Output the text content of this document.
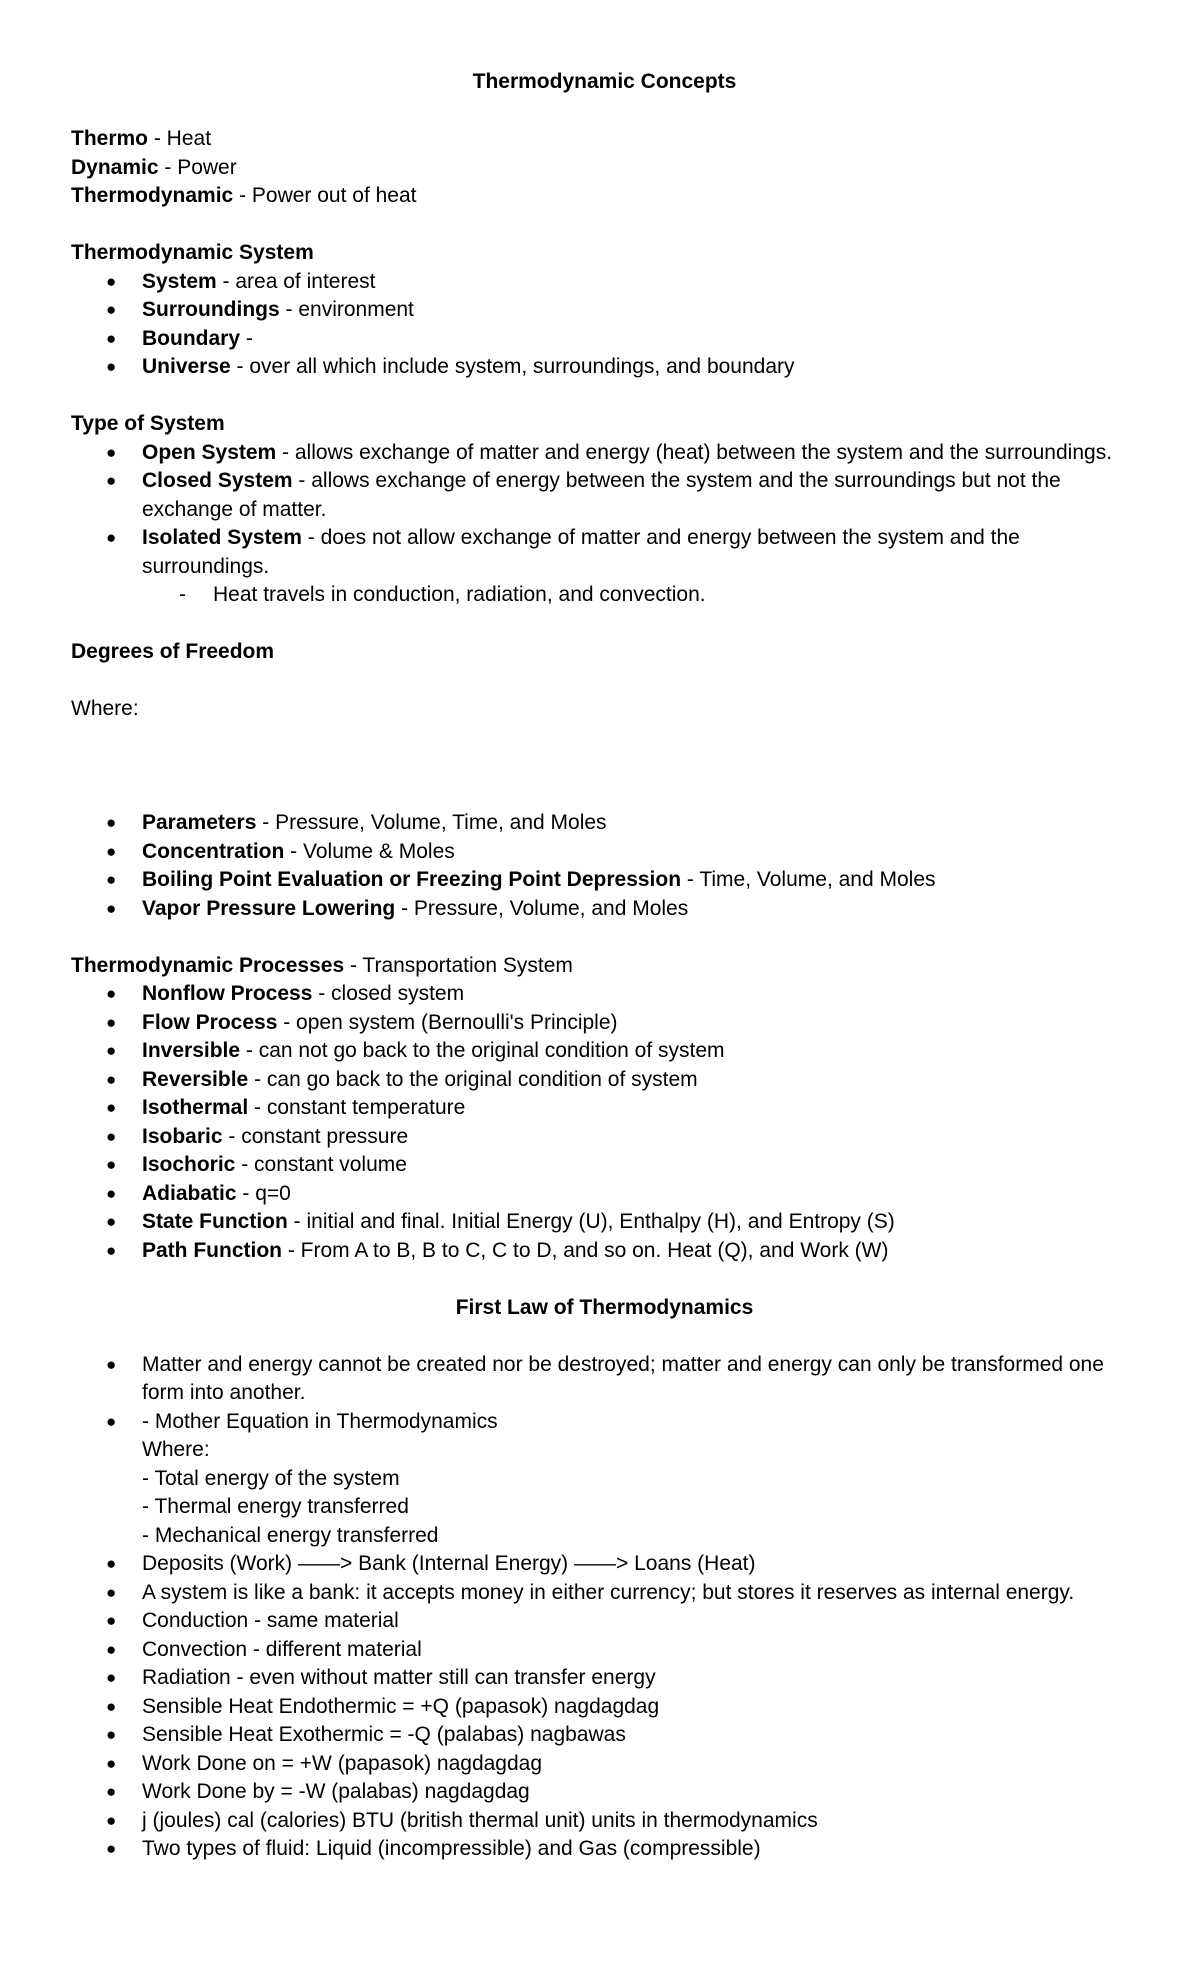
Thermodynamic Concepts
Thermo - Heat
Dynamic - Power
Thermodynamic - Power out of heat
Thermodynamic System
● System - area of interest
● Surroundings - environment
● Boundary -
● Universe - over all which include system, surroundings, and boundary
Type of System
● Open System - allows exchange of matter and energy (heat) between the system and the surroundings.
● Closed System - allows exchange of energy between the system and the surroundings but not the exchange of matter.
● Isolated System - does not allow exchange of matter and energy between the system and the surroundings.
- Heat travels in conduction, radiation, and convection.
Degrees of Freedom
Where:
● Parameters - Pressure, Volume, Time, and Moles
● Concentration - Volume & Moles
● Boiling Point Evaluation or Freezing Point Depression - Time, Volume, and Moles
● Vapor Pressure Lowering - Pressure, Volume, and Moles
Thermodynamic Processes - Transportation System
● Nonflow Process - closed system
● Flow Process - open system (Bernoulli's Principle)
● Inversible - can not go back to the original condition of system
● Reversible - can go back to the original condition of system
● Isothermal - constant temperature
● Isobaric - constant pressure
● Isochoric - constant volume
● Adiabatic - q=0
● State Function - initial and final. Initial Energy (U), Enthalpy (H), and Entropy (S)
● Path Function - From A to B, B to C, C to D, and so on. Heat (Q), and Work (W)
First Law of Thermodynamics
● Matter and energy cannot be created nor be destroyed; matter and energy can only be transformed one form into another.
● - Mother Equation in Thermodynamics
Where:
- Total energy of the system
- Thermal energy transferred
- Mechanical energy transferred
● Deposits (Work) ——> Bank (Internal Energy) ——> Loans (Heat)
● A system is like a bank: it accepts money in either currency; but stores it reserves as internal energy.
● Conduction - same material
● Convection - different material
● Radiation - even without matter still can transfer energy
● Sensible Heat Endothermic = +Q (papasok) nagdagdag
● Sensible Heat Exothermic = -Q (palabas) nagbawas
● Work Done on = +W (papasok) nagdagdag
● Work Done by = -W (palabas) nagdagdag
● j (joules) cal (calories) BTU (british thermal unit) units in thermodynamics
● Two types of fluid: Liquid (incompressible) and Gas (compressible)
